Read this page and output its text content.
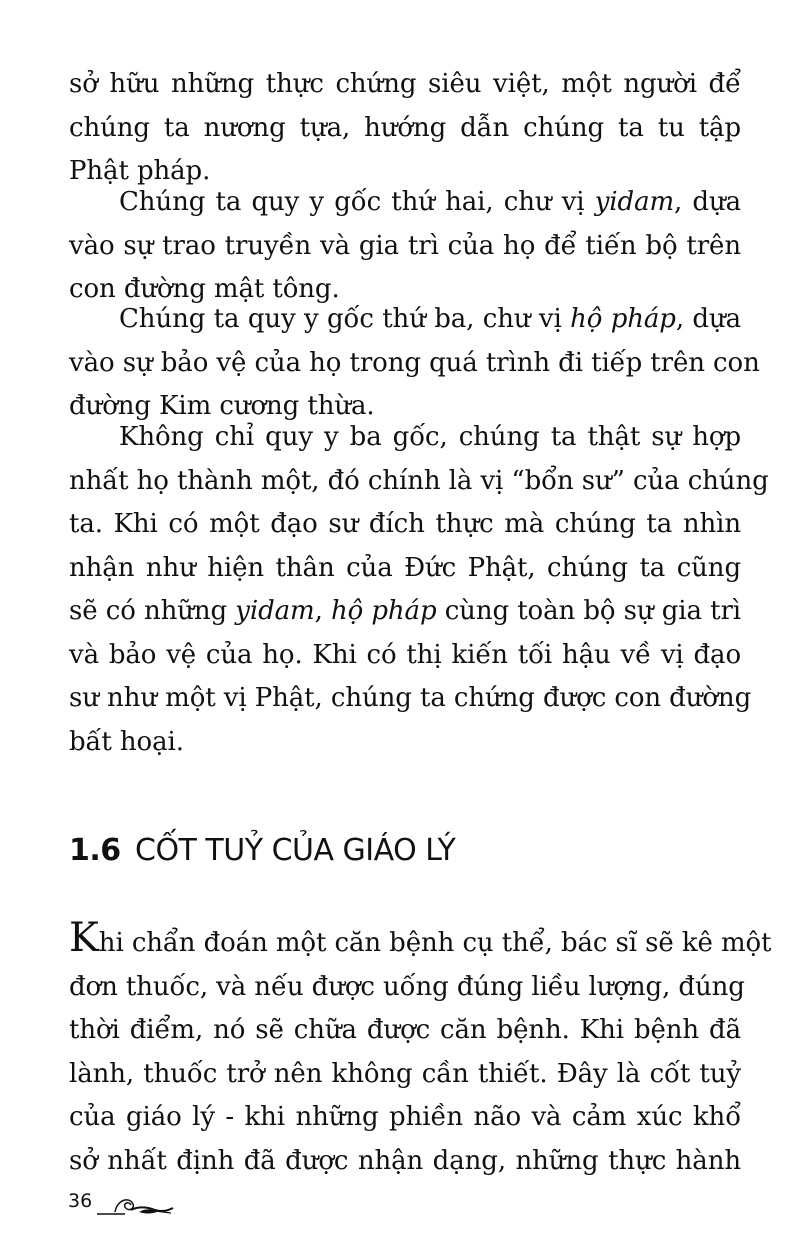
sở hữu những thực chứng siêu việt, một người để
chúng ta nương tựa, hướng dẫn chúng ta tu tập
Phật pháp.

Chúng ta quy y gốc thứ hai, chư vị yidam, dựa
vào sự trao truyền và gia trì của họ để tiến bộ trên
con đường mật tông.

Chúng ta quy y gốc thứ ba, chư vị hộ pháp, dựa
vào sự bảo vệ của họ trong quá trình đi tiếp trên con
đường Kim cương thừa.

Không chỉ quy y ba gốc, chúng ta thật sự hợp
nhất họ thành một, đó chính là vị “bổn sư” của chúng
ta. Khi có một đạo sư đích thực mà chúng ta nhìn
nhận như hiện thân của Đức Phật, chúng ta cũng
sẽ có những yidam, hộ pháp cùng toàn bộ sự gia trì
và bảo vệ của họ. Khi có thị kiến tối hậu về vị đạo
sư như một vị Phật, chúng ta chứng được con đường
bất hoại.

1.6 CỐT TUỶ CỦA GIÁO LÝ

Khi chẩn đoán một căn bệnh cụ thể, bác sĩ sẽ kê một
đơn thuốc, và nếu được uống đúng liều lượng, đúng
thời điểm, nó sẽ chữa được căn bệnh. Khi bệnh đã
lành, thuốc trở nên không cần thiết. Đây là cốt tuỷ
của giáo lý - khi những phiền não và cảm xúc khổ
sở nhất định đã được nhận dạng, những thực hành

36
